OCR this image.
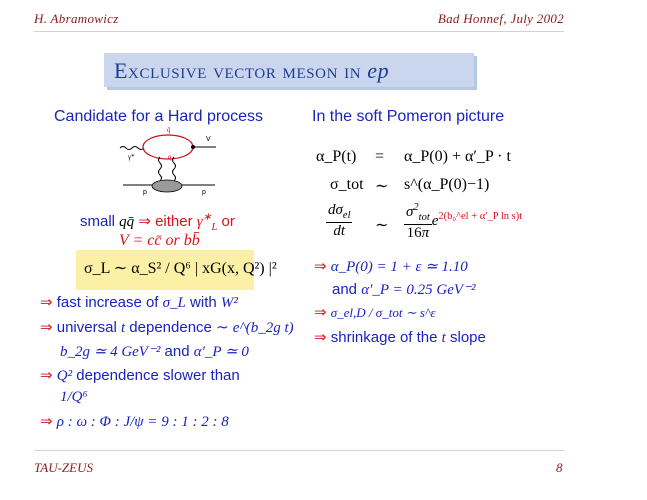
H. Abramowicz	Bad Honnef, July 2002
Exclusive vector meson in ep
Candidate for a Hard process
q̄
V
γ*	q
p	p
small qq̄ ⇒ either $\gamma^∗_L$ or
V = cc̄ or bb̄
σ_L ∼ α_S² / Q⁶ | xG(x, Q²) |²
⇒ fast increase of σ_L with W²
⇒ universal t dependence ∼ e^(b_2g t)
b_2g ≃ 4 GeV⁻² and α′_P ≃ 0
⇒ Q² dependence slower than
1/Q⁶
⇒ ρ : ω : Φ : J/ψ = 9 : 1 : 2 : 8
In the soft Pomeron picture
α_P(t) = α_P(0) + α′_P · t
σ_tot ∼ s^(α_P(0)−1)
$\frac{d\sigma_{el}}{dt}$ ∼ $\frac{\sigma^2_{tot}}{16\pi} e^{2(b_0\^{}el + \alpha'\_P ln s)t}$
⇒ α_P(0) = 1 + ε ≃ 1.10
and α′_P = 0.25 GeV⁻²
⇒ σ_el,D / σ_tot ∼ s^ε
⇒ shrinkage of the t slope
TAU-ZEUS	8
